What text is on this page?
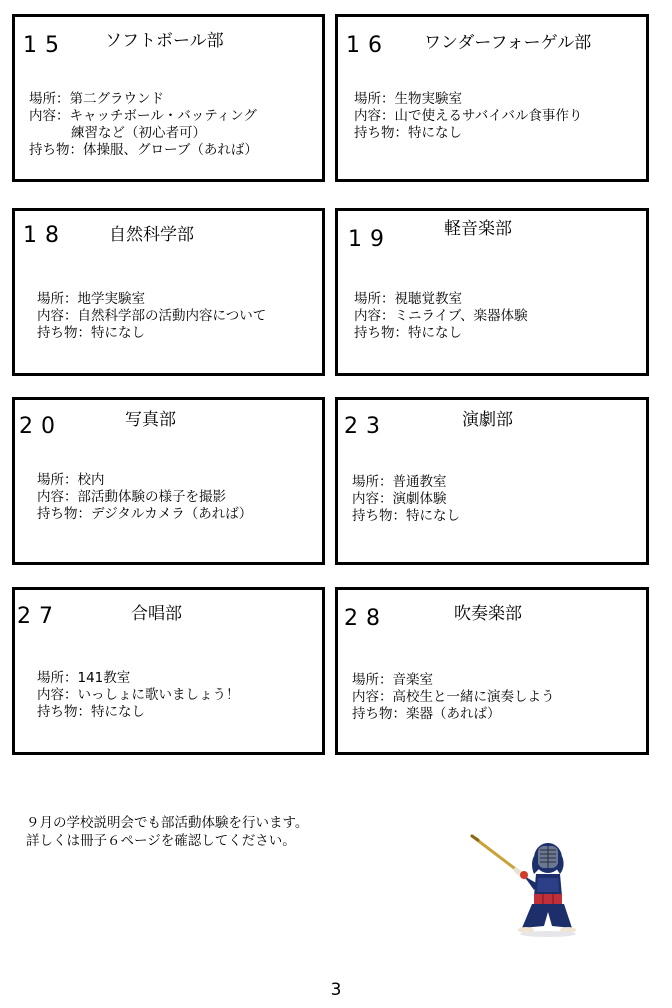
15 ソフトボール部
場所：第二グラウンド
内容：キャッチボール・バッティング
練習など（初心者可）
持ち物：体操服、グローブ（あれば）
16 ワンダーフォーゲル部
場所：生物実験室
内容：山で使えるサバイバル食事作り
持ち物：特になし
18 自然科学部
場所：地学実験室
内容：自然科学部の活動内容について
持ち物：特になし
19	軽音楽部
場所：視聴覚教室
内容：ミニライブ、楽器体験
持ち物：特になし
20	写真部
場所：校内
内容：部活動体験の様子を撮影
持ち物：デジタルカメラ（あれば）
23	演劇部
場所：普通教室
内容：演劇体験
持ち物：特になし
27	合唱部
場所：141教室
内容：いっしょに歌いましょう！
持ち物：特になし
28	吹奏楽部
場所：音楽室
内容：高校生と一緒に演奏しよう
持ち物：楽器（あれば）
９月の学校説明会でも部活動体験を行います。
詳しくは冊子６ページを確認してください。
3
